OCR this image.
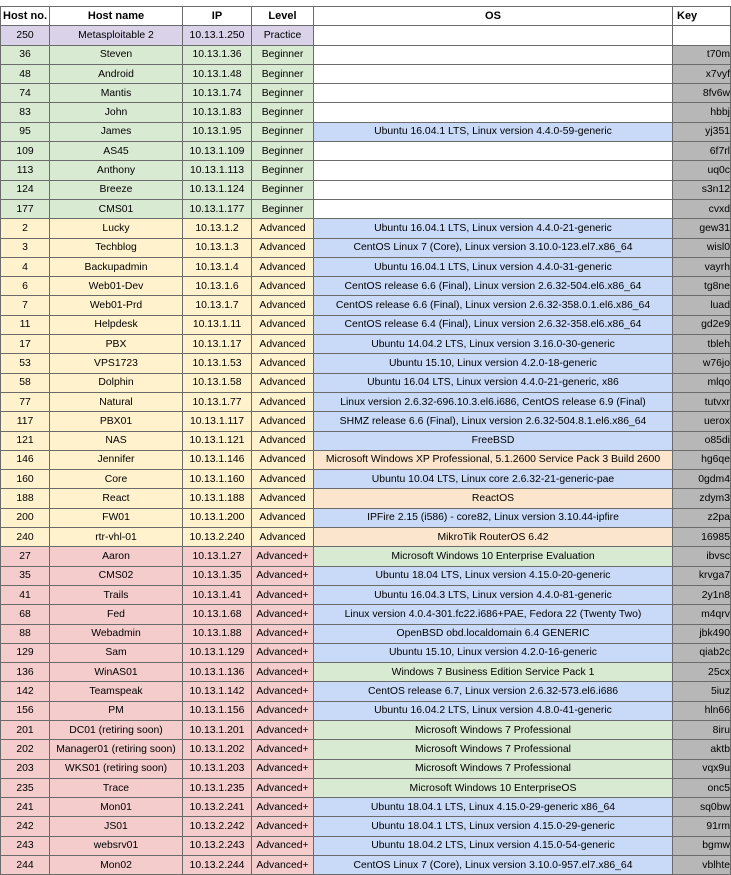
Host no.	Host name	IP	Level	OS	Key
250	Metasploitable 2	10.13.1.250	Practice		
36	Steven	10.13.1.36	Beginner		t70m
48	Android	10.13.1.48	Beginner		x7vyf
74	Mantis	10.13.1.74	Beginner		8fv6w
83	John	10.13.1.83	Beginner		hbbj
95	James	10.13.1.95	Beginner	Ubuntu 16.04.1 LTS, Linux version 4.4.0-59-generic	yj351
109	AS45	10.13.1.109	Beginner		6f7rl
113	Anthony	10.13.1.113	Beginner		uq0c
124	Breeze	10.13.1.124	Beginner		s3n12
177	CMS01	10.13.1.177	Beginner		cvxd
2	Lucky	10.13.1.2	Advanced	Ubuntu 16.04.1 LTS, Linux version 4.4.0-21-generic	gew31
3	Techblog	10.13.1.3	Advanced	CentOS Linux 7 (Core), Linux version 3.10.0-123.el7.x86_64	wisl0
4	Backupadmin	10.13.1.4	Advanced	Ubuntu 16.04.1 LTS, Linux version 4.4.0-31-generic	vayrh
6	Web01-Dev	10.13.1.6	Advanced	CentOS release 6.6 (Final), Linux version 2.6.32-504.el6.x86_64	tg8ne
7	Web01-Prd	10.13.1.7	Advanced	CentOS release 6.6 (Final), Linux version 2.6.32-358.0.1.el6.x86_64	luad
11	Helpdesk	10.13.1.11	Advanced	CentOS release 6.4 (Final), Linux version 2.6.32-358.el6.x86_64	gd2e9
17	PBX	10.13.1.17	Advanced	Ubuntu 14.04.2 LTS, Linux version 3.16.0-30-generic	tbleh
53	VPS1723	10.13.1.53	Advanced	Ubuntu 15.10, Linux version 4.2.0-18-generic	w76jo
58	Dolphin	10.13.1.58	Advanced	Ubuntu 16.04 LTS, Linux version 4.4.0-21-generic, x86	mlqo
77	Natural	10.13.1.77	Advanced	Linux version 2.6.32-696.10.3.el6.i686, CentOS release 6.9 (Final)	tutvxr
117	PBX01	10.13.1.117	Advanced	SHMZ release 6.6 (Final), Linux version 2.6.32-504.8.1.el6.x86_64	uerox
121	NAS	10.13.1.121	Advanced	FreeBSD	o85di
146	Jennifer	10.13.1.146	Advanced	Microsoft Windows XP Professional, 5.1.2600 Service Pack 3 Build 2600	hg6qe
160	Core	10.13.1.160	Advanced	Ubuntu 10.04 LTS, Linux core 2.6.32-21-generic-pae	0gdm4
188	React	10.13.1.188	Advanced	ReactOS	zdym3
200	FW01	10.13.1.200	Advanced	IPFire 2.15 (i586) - core82, Linux version 3.10.44-ipfire	z2pa
240	rtr-vhl-01	10.13.2.240	Advanced	MikroTik RouterOS 6.42	16985
27	Aaron	10.13.1.27	Advanced+	Microsoft Windows 10 Enterprise Evaluation	ibvsc
35	CMS02	10.13.1.35	Advanced+	Ubuntu 18.04 LTS, Linux version 4.15.0-20-generic	krvga7
41	Trails	10.13.1.41	Advanced+	Ubuntu 16.04.3 LTS, Linux version 4.4.0-81-generic	2y1n8
68	Fed	10.13.1.68	Advanced+	Linux version 4.0.4-301.fc22.i686+PAE, Fedora 22 (Twenty Two)	m4qrv
88	Webadmin	10.13.1.88	Advanced+	OpenBSD obd.localdomain 6.4 GENERIC	jbk490
129	Sam	10.13.1.129	Advanced+	Ubuntu 15.10, Linux version 4.2.0-16-generic	qiab2c
136	WinAS01	10.13.1.136	Advanced+	Windows 7 Business Edition Service Pack 1	25cx
142	Teamspeak	10.13.1.142	Advanced+	CentOS release 6.7, Linux version 2.6.32-573.el6.i686	5iuz
156	PM	10.13.1.156	Advanced+	Ubuntu 16.04.2 LTS, Linux version 4.8.0-41-generic	hln66
201	DC01 (retiring soon)	10.13.1.201	Advanced+	Microsoft Windows 7 Professional	8iru
202	Manager01 (retiring soon)	10.13.1.202	Advanced+	Microsoft Windows 7 Professional	aktb
203	WKS01 (retiring soon)	10.13.1.203	Advanced+	Microsoft Windows 7 Professional	vqx9u
235	Trace	10.13.1.235	Advanced+	Microsoft Windows 10 EnterpriseOS	onc5
241	Mon01	10.13.2.241	Advanced+	Ubuntu 18.04.1 LTS, Linux 4.15.0-29-generic x86_64	sq0bw
242	JS01	10.13.2.242	Advanced+	Ubuntu 18.04.1 LTS, Linux version 4.15.0-29-generic	91rm
243	websrv01	10.13.2.243	Advanced+	Ubuntu 18.04.2 LTS, Linux version 4.15.0-54-generic	bgmw
244	Mon02	10.13.2.244	Advanced+	CentOS Linux 7 (Core), Linux version 3.10.0-957.el7.x86_64	vblhte
